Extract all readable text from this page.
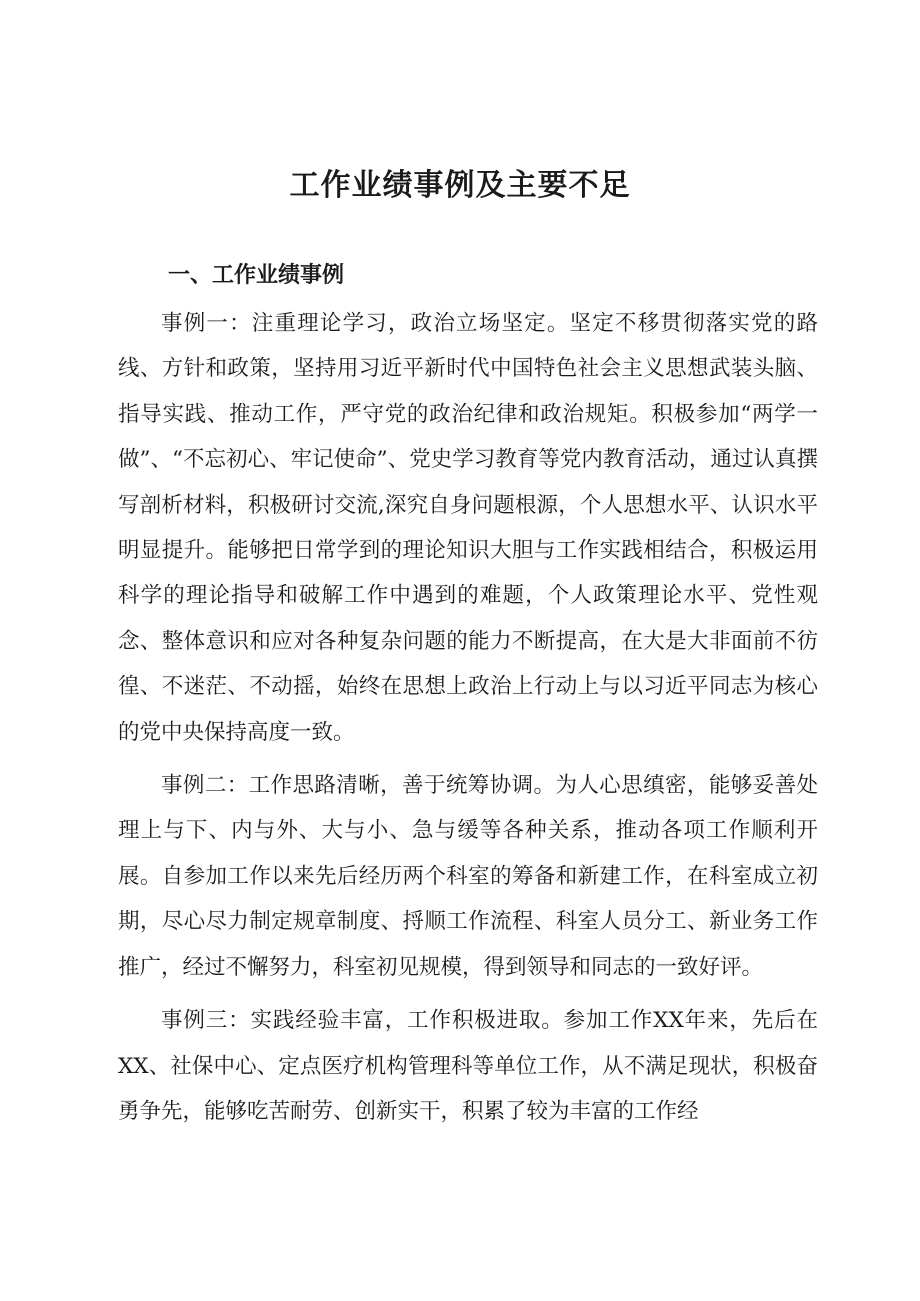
工作业绩事例及主要不足
一、工作业绩事例

事例一：注重理论学习，政治立场坚定。坚定不移贯彻落实党的路线、方针和政策，坚持用习近平新时代中国特色社会主义思想武装头脑、指导实践、推动工作，严守党的政治纪律和政治规矩。积极参加“两学一做”、“不忘初心、牢记使命”、党史学习教育等党内教育活动，通过认真撰写剖析材料，积极研讨交流,深究自身问题根源，个人思想水平、认识水平明显提升。能够把日常学到的理论知识大胆与工作实践相结合，积极运用科学的理论指导和破解工作中遇到的难题，个人政策理论水平、党性观念、整体意识和应对各种复杂问题的能力不断提高，在大是大非面前不彷徨、不迷茫、不动摇，始终在思想上政治上行动上与以习近平同志为核心的党中央保持高度一致。

事例二：工作思路清晰，善于统筹协调。为人心思缜密，能够妥善处理上与下、内与外、大与小、急与缓等各种关系，推动各项工作顺利开展。自参加工作以来先后经历两个科室的筹备和新建工作，在科室成立初期，尽心尽力制定规章制度、捋顺工作流程、科室人员分工、新业务工作推广，经过不懈努力，科室初见规模，得到领导和同志的一致好评。

事例三：实践经验丰富，工作积极进取。参加工作XX年来，先后在XX、社保中心、定点医疗机构管理科等单位工作，从不满足现状，积极奋勇争先，能够吃苦耐劳、创新实干，积累了较为丰富的工作经
